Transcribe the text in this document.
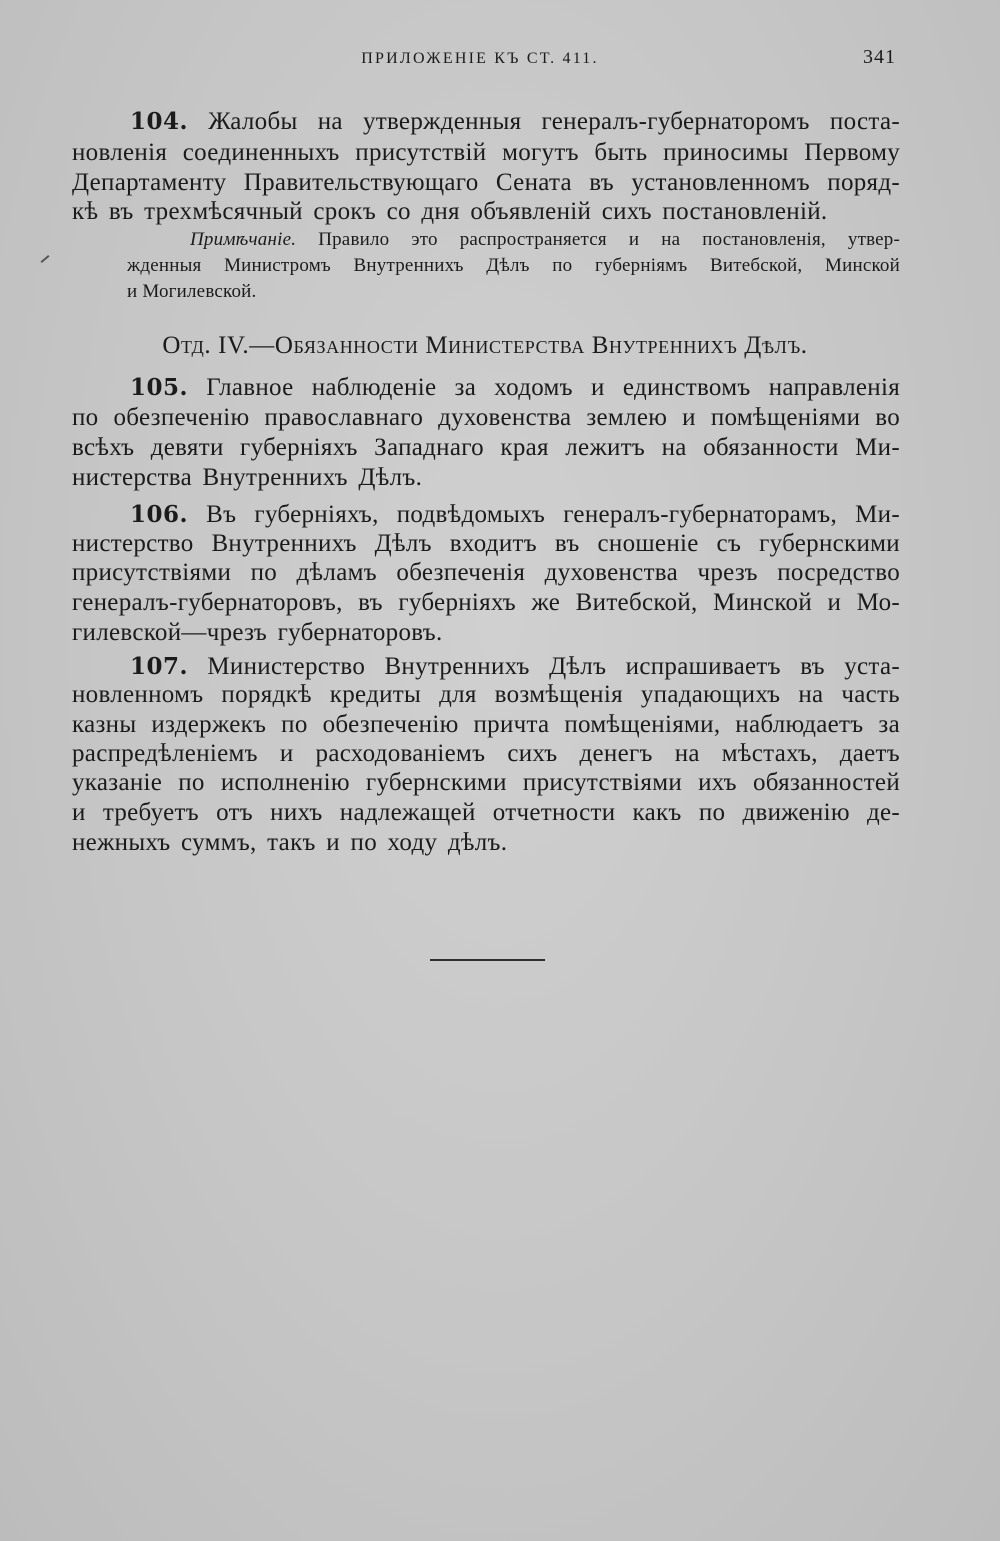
ПРИЛОЖЕНІЕ КЪ СТ. 411.	341
104. Жалобы на утвержденныя генералъ-губернаторомъ поста-
новленія соединенныхъ присутствій могутъ быть приносимы Первому
Департаменту Правительствующаго Сената въ установленномъ поряд-
кѣ въ трехмѣсячный срокъ со дня объявленій сихъ постановленій.
Примѣчаніе. Правило это распространяется и на постановленія, утвер-
жденныя Министромъ Внутреннихъ Дѣлъ по губерніямъ Витебской, Минской
и Могилевской.
Отд. IV.—Обязанности Министерства Внутреннихъ Дѣлъ.
105. Главное наблюденіе за ходомъ и единствомъ направленія
по обезпеченію православнаго духовенства землею и помѣщеніями во
всѣхъ девяти губерніяхъ Западнаго края лежитъ на обязанности Ми-
нистерства Внутреннихъ Дѣлъ.
106. Въ губерніяхъ, подвѣдомыхъ генералъ-губернаторамъ, Ми-
нистерство Внутреннихъ Дѣлъ входитъ въ сношеніе съ губернскими
присутствіями по дѣламъ обезпеченія духовенства чрезъ посредство
генералъ-губернаторовъ, въ губерніяхъ же Витебской, Минской и Мо-
гилевской—чрезъ губернаторовъ.
107. Министерство Внутреннихъ Дѣлъ испрашиваетъ въ уста-
новленномъ порядкѣ кредиты для возмѣщенія упадающихъ на часть
казны издержекъ по обезпеченію причта помѣщеніями, наблюдаетъ за
распредѣленіемъ и расходованіемъ сихъ денегъ на мѣстахъ, даетъ
указаніе по исполненію губернскими присутствіями ихъ обязанностей
и требуетъ отъ нихъ надлежащей отчетности какъ по движенію де-
нежныхъ суммъ, такъ и по ходу дѣлъ.
